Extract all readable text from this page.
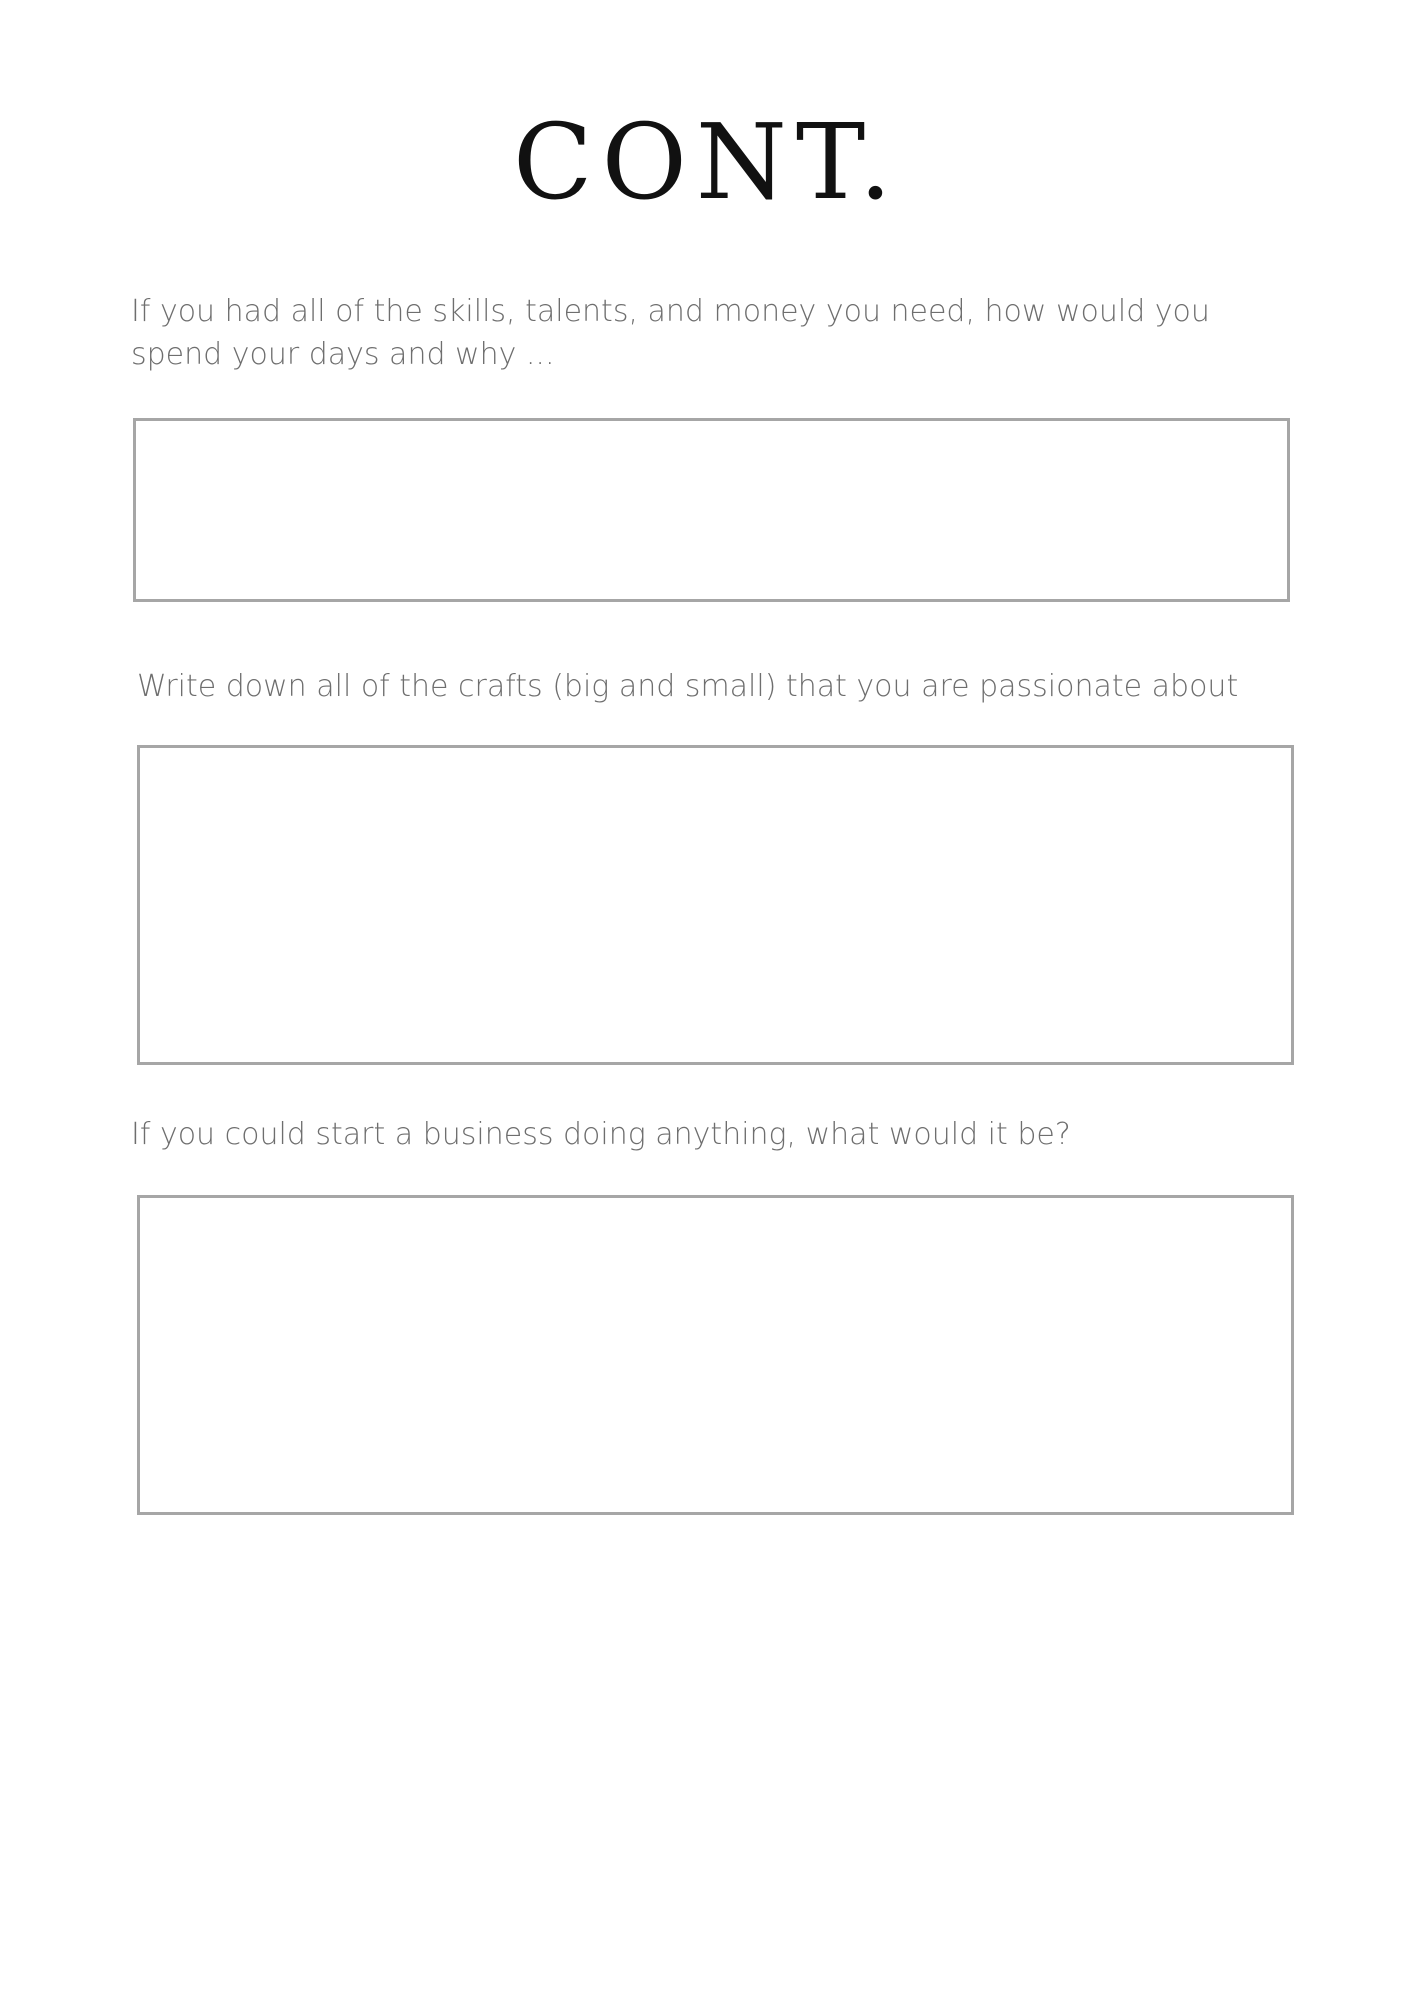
CONT.

If you had all of the skills, talents, and money you need, how would you spend your days and why ...

Write down all of the crafts (big and small) that you are passionate about

If you could start a business doing anything, what would it be?
